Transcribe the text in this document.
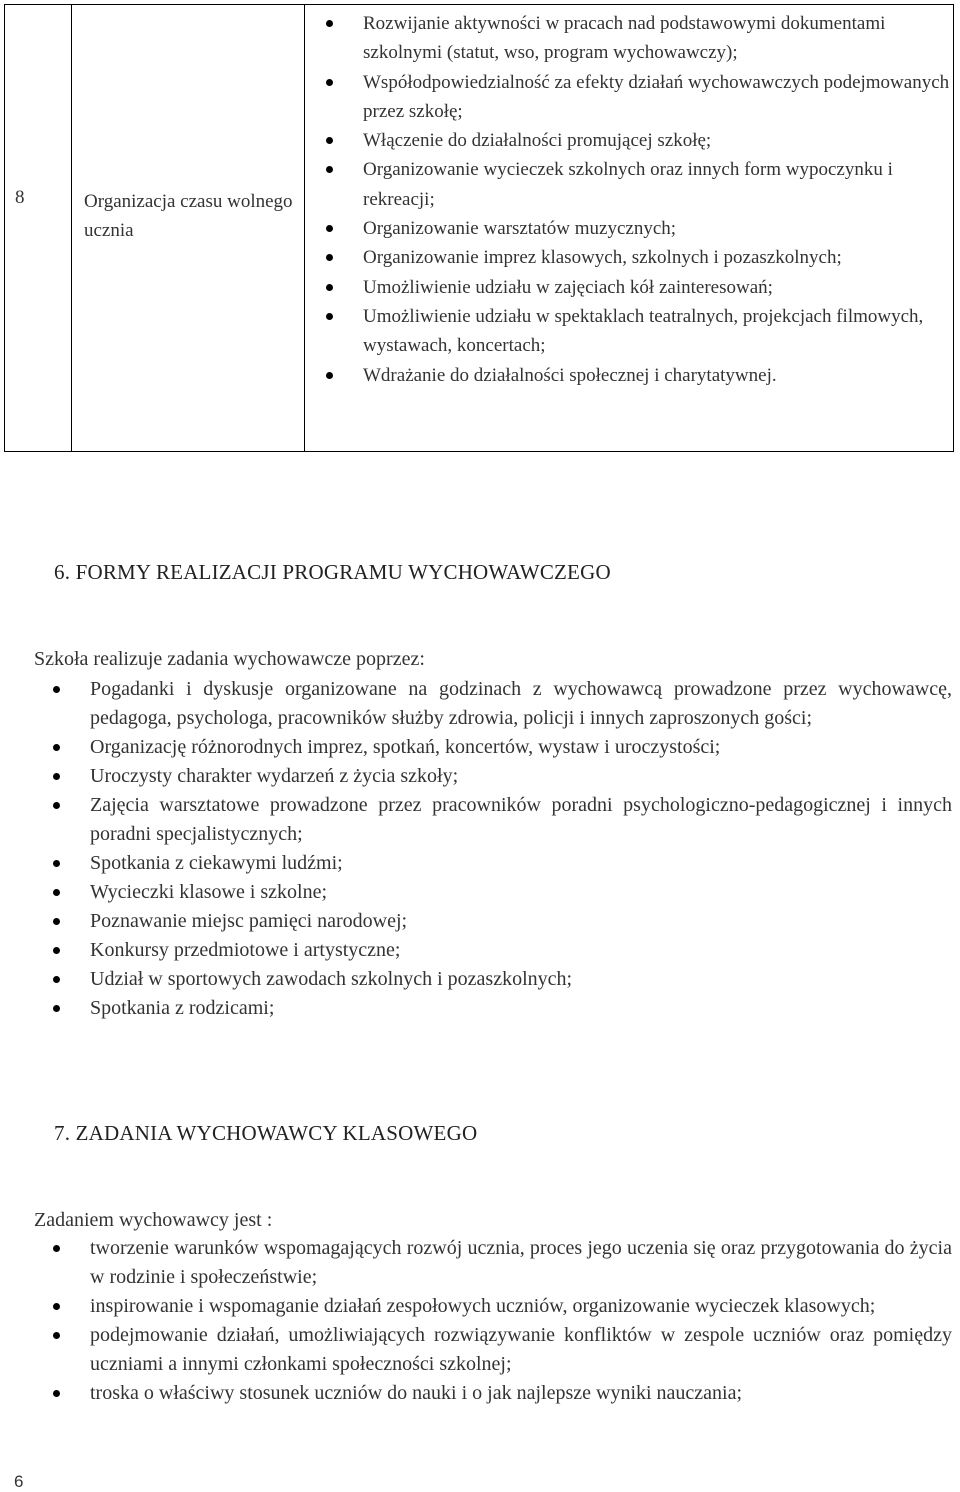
8	Organizacja czasu wolnego ucznia

Rozwijanie aktywności w pracach nad podstawowymi dokumentami szkolnymi (statut, wso, program wychowawczy);
Współodpowiedzialność za efekty działań wychowawczych podejmowanych przez szkołę;
Włączenie do działalności promującej szkołę;
Organizowanie wycieczek szkolnych oraz innych form wypoczynku i rekreacji;
Organizowanie warsztatów muzycznych;
Organizowanie imprez klasowych, szkolnych i pozaszkolnych;
Umożliwienie udziału w zajęciach kół zainteresowań;
Umożliwienie udziału w spektaklach teatralnych, projekcjach filmowych, wystawach, koncertach;
Wdrażanie do działalności społecznej i charytatywnej.
6. FORMY REALIZACJI PROGRAMU WYCHOWAWCZEGO

Szkoła realizuje zadania wychowawcze poprzez:

Pogadanki i dyskusje organizowane na godzinach z wychowawcą prowadzone przez wychowawcę, pedagoga, psychologa, pracowników służby zdrowia, policji i innych zaproszonych gości;
Organizację różnorodnych imprez, spotkań, koncertów, wystaw i uroczystości;
Uroczysty charakter wydarzeń z życia szkoły;
Zajęcia warsztatowe prowadzone przez pracowników poradni psychologiczno-pedagogicznej i innych poradni specjalistycznych;
Spotkania z ciekawymi ludźmi;
Wycieczki klasowe i szkolne;
Poznawanie miejsc pamięci narodowej;
Konkursy przedmiotowe i artystyczne;
Udział w sportowych zawodach szkolnych i pozaszkolnych;
Spotkania z rodzicami;
7. ZADANIA WYCHOWAWCY KLASOWEGO

Zadaniem wychowawcy jest :

tworzenie warunków wspomagających rozwój ucznia, proces jego uczenia się oraz przygotowania do życia w rodzinie i społeczeństwie;
inspirowanie i wspomaganie działań zespołowych uczniów, organizowanie wycieczek klasowych;
podejmowanie działań, umożliwiających rozwiązywanie konfliktów w zespole uczniów oraz pomiędzy uczniami a innymi członkami społeczności szkolnej;
troska o właściwy stosunek uczniów do nauki i o jak najlepsze wyniki nauczania;
6
